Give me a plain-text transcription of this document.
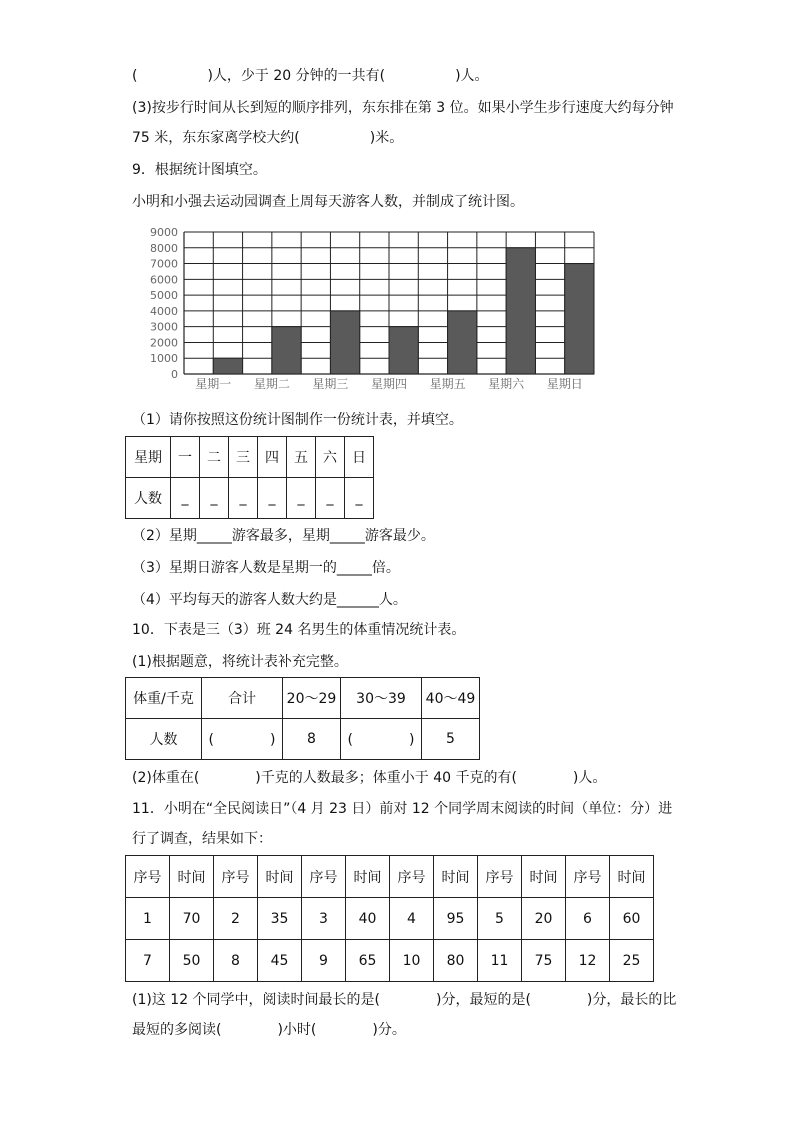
(　　　　　)人，少于 20 分钟的一共有(　　　　　)人。
(3)按步行时间从长到短的顺序排列，东东排在第 3 位。如果小学生步行速度大约每分钟
75 米，东东家离学校大约(　　　　　)米。
9．根据统计图填空。
小明和小强去运动园调查上周每天游客人数，并制成了统计图。
0
1000
2000
3000
4000
5000
6000
7000
8000
9000
星期一 星期二 星期三 星期四 星期五 星期六 星期日
（1）请你按照这份统计图制作一份统计表，并填空。
星期	一	二	三	四	五	六	日
人数	_	_	_	_	_	_	_
（2）星期_____游客最多，星期_____游客最少。
（3）星期日游客人数是星期一的_____倍。
（4）平均每天的游客人数大约是______人。
10．下表是三（3）班 24 名男生的体重情况统计表。
(1)根据题意，将统计表补充完整。
体重/千克	合计	20～29	30～39	40～49
人数	(　　　　)	8	(　　　　)	5
(2)体重在(　　　　)千克的人数最多；体重小于 40 千克的有(　　　　)人。
11．小明在“全民阅读日”（4 月 23 日）前对 12 个同学周末阅读的时间（单位：分）进
行了调查，结果如下：
序号	时间	序号	时间	序号	时间	序号	时间	序号	时间	序号	时间
1	70	2	35	3	40	4	95	5	20	6	60
7	50	8	45	9	65	10	80	11	75	12	25
(1)这 12 个同学中，阅读时间最长的是(　　　　)分，最短的是(　　　　)分，最长的比
最短的多阅读(　　　　)小时(　　　　)分。
